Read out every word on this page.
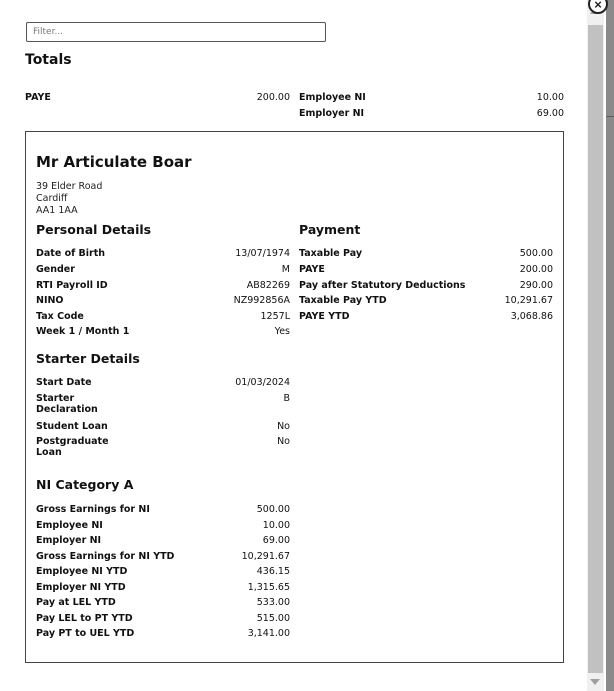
Filter...
Totals
PAYE	200.00 Employee NI	10.00
Employer NI	69.00
Mr Articulate Boar
39 Elder Road
Cardiff
AA1 1AA
Personal Details	Payment
Starter Details
NI Category A
Date of Birth	13/07/1974
Gender	M
RTI Payroll ID	AB82269
NINO	NZ992856A
Tax Code	1257L
Week 1 / Month 1	Yes
Taxable Pay	500.00
PAYE	200.00
Pay after Statutory Deductions	290.00
Taxable Pay YTD	10,291.67
PAYE YTD	3,068.86
Start Date	01/03/2024
Starter
Declaration
B
Student Loan	No
Postgraduate
Loan
No
Gross Earnings for NI	500.00
Employee NI	10.00
Employer NI	69.00
Gross Earnings for NI YTD	10,291.67
Employee NI YTD	436.15
Employer NI YTD	1,315.65
Pay at LEL YTD	533.00
Pay LEL to PT YTD	515.00
Pay PT to UEL YTD	3,141.00
×
